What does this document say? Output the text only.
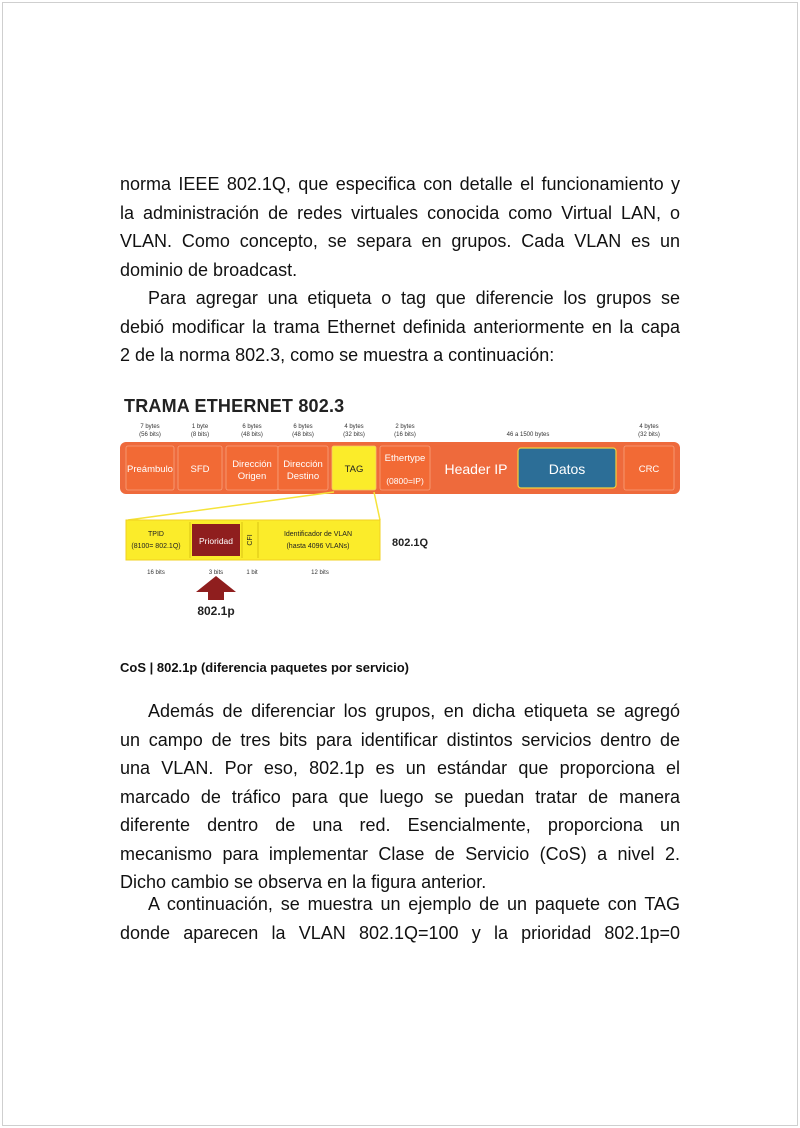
norma IEEE 802.1Q, que especifica con detalle el funcionamiento y
la administración de redes virtuales conocida como Virtual LAN, o
VLAN. Como concepto, se separa en grupos. Cada VLAN es un
dominio de broadcast.
Para agregar una etiqueta o tag que diferencie los grupos se
debió modificar la trama Ethernet definida anteriormente en la capa
2 de la norma 802.3, como se muestra a continuación:
TRAMA ETHERNET 802.3
7 bytes
(56 bits)
1 byte
(8 bits)
6 bytes
(48 bits)
6 bytes
(48 bits)
4 bytes
(32 bits)
2 bytes
(16 bits)	46 a 1500 bytes
4 bytes
(32 bits)
Preámbulo SFD Dirección
Origen
Dirección
Destino
TAG
Ethertype
(0800=IP)
Header IP	Datos	CRC
TPID
(8100= 802.1Q)
Prioridad CFI	Identificador de VLAN
(hasta 4096 VLANs)	802.1Q
16 bits	3 bits	1 bit	12 bits
802.1p
CoS | 802.1p (diferencia paquetes por servicio)
Además de diferenciar los grupos, en dicha etiqueta se agregó
un campo de tres bits para identificar distintos servicios dentro de
una VLAN. Por eso, 802.1p es un estándar que proporciona el
marcado de tráfico para que luego se puedan tratar de manera
diferente dentro de una red. Esencialmente, proporciona un
mecanismo para implementar Clase de Servicio (CoS) a nivel 2.
Dicho cambio se observa en la figura anterior.
A continuación, se muestra un ejemplo de un paquete con TAG
donde aparecen la VLAN 802.1Q=100 y la prioridad 802.1p=0
